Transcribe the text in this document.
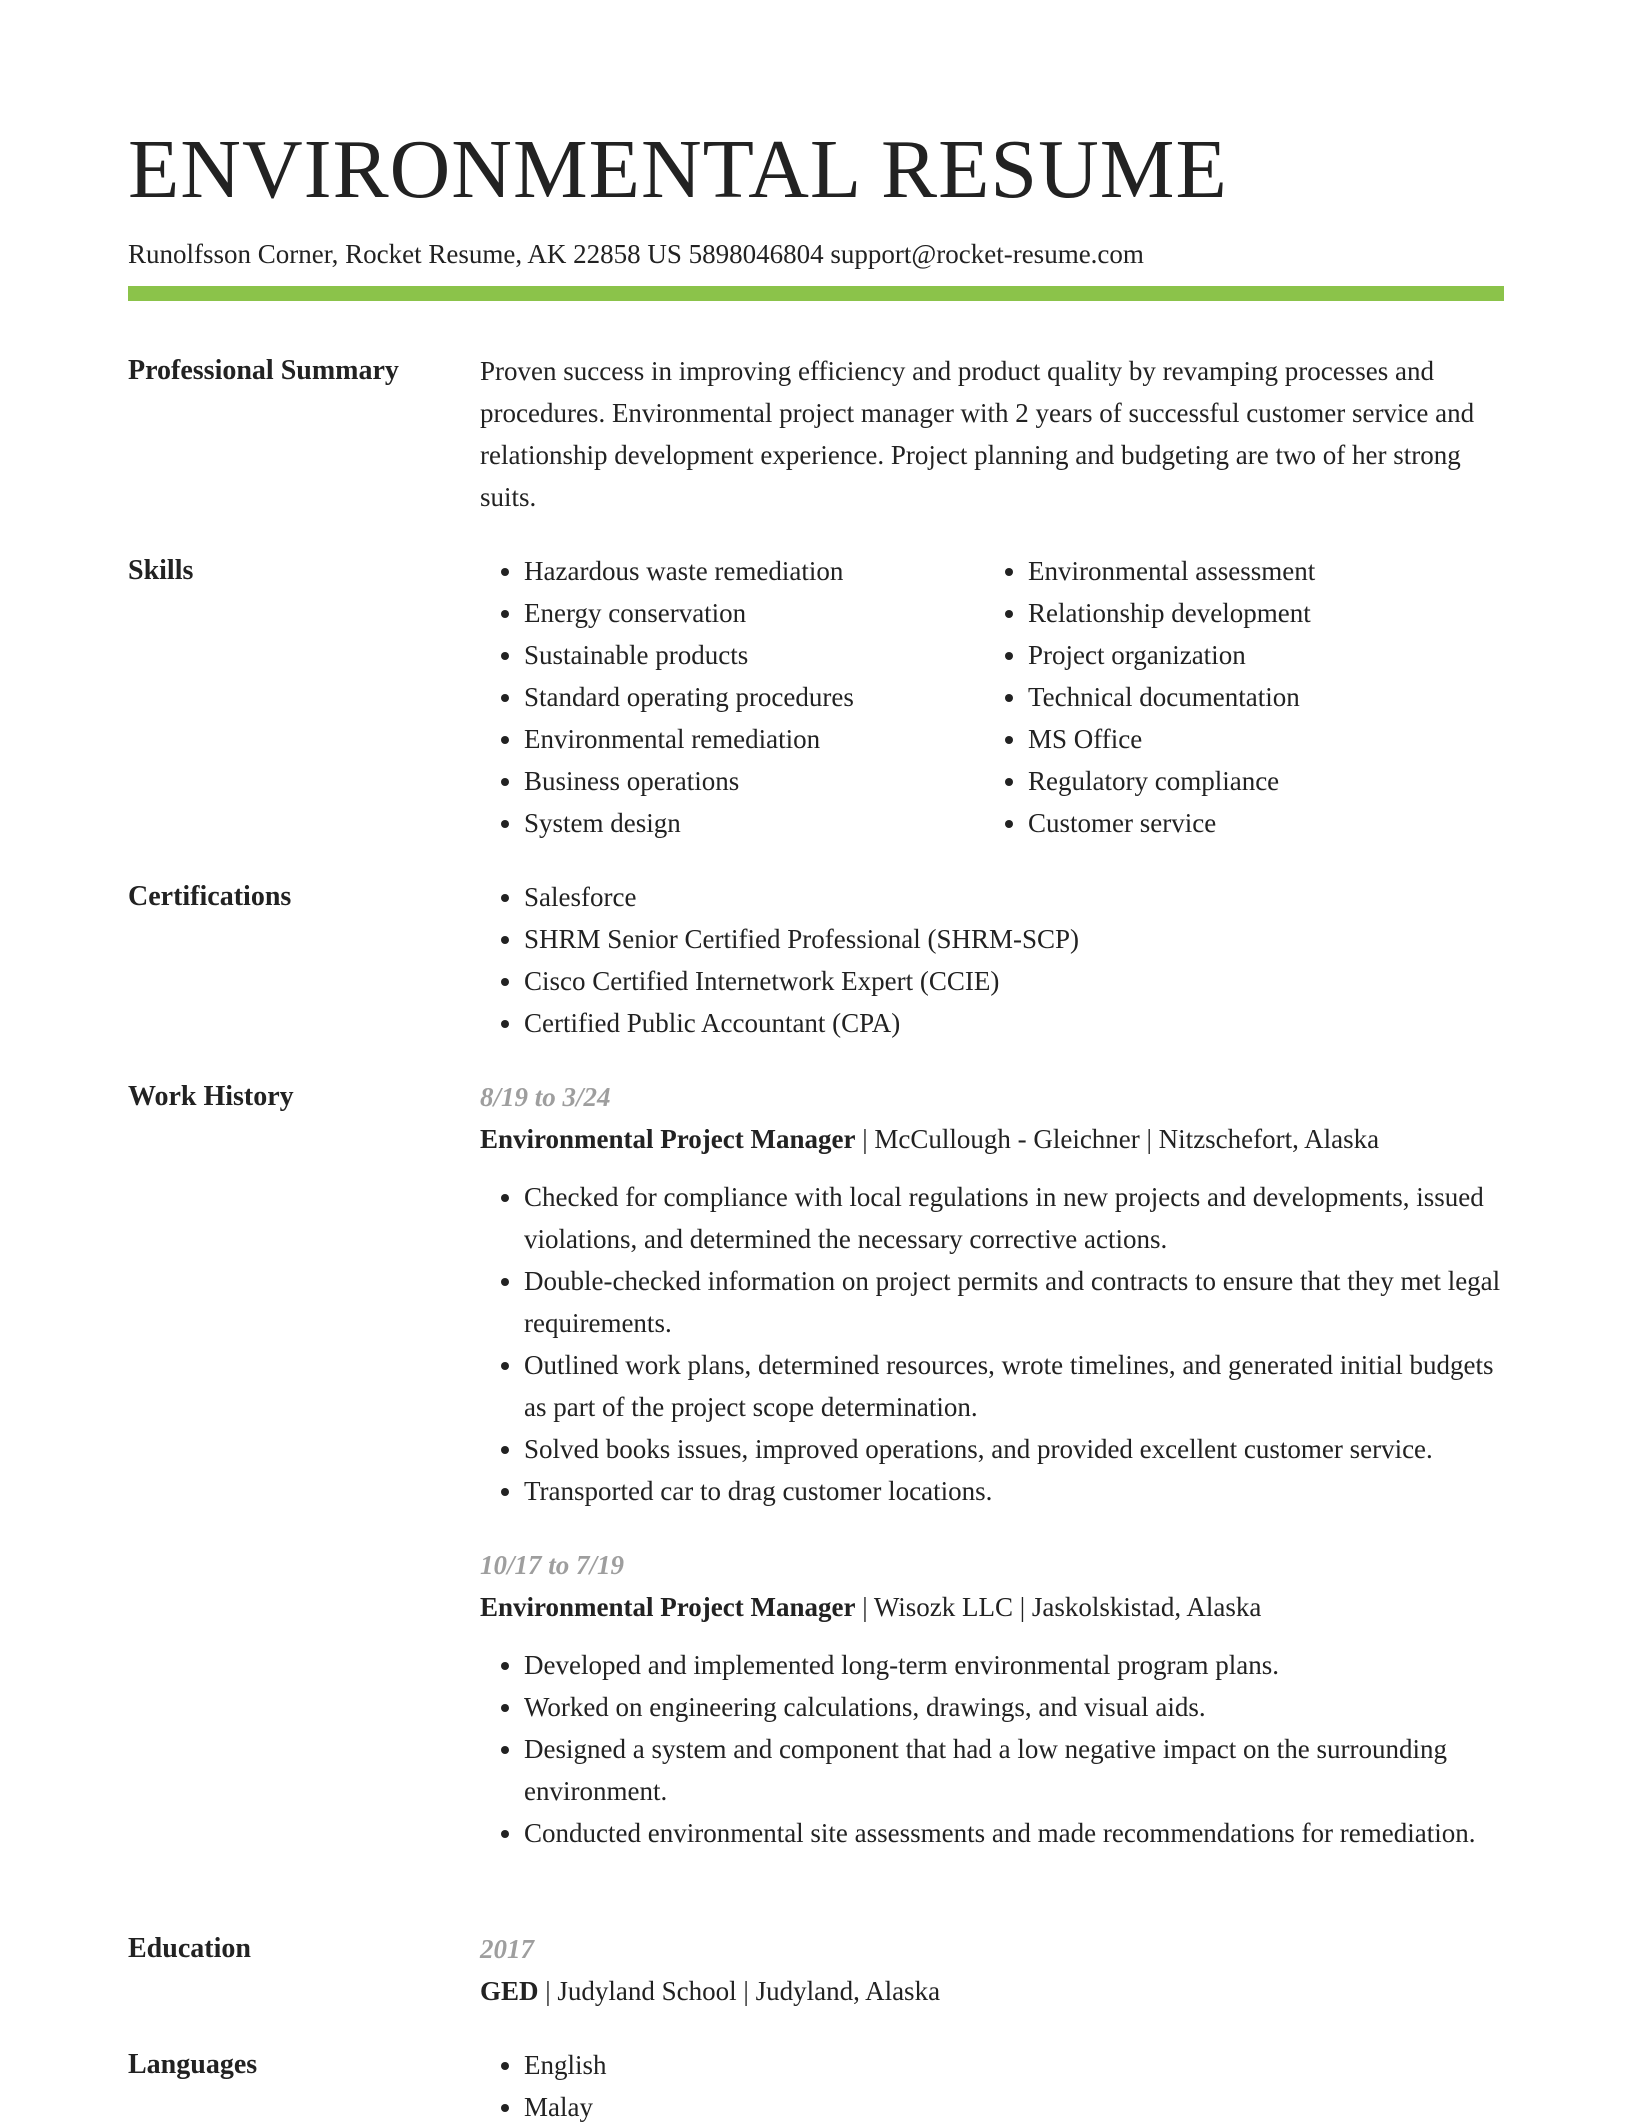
ENVIRONMENTAL RESUME
Runolfsson Corner, Rocket Resume, AK 22858 US 5898046804 support@rocket-resume.com
Professional Summary	Proven success in improving efficiency and product quality by revamping processes and procedures. Environmental project manager with 2 years of successful customer service and relationship development experience. Project planning and budgeting are two of her strong suits.

Skills	• Hazardous waste remediation
• Energy conservation
• Sustainable products
• Standard operating procedures
• Environmental remediation
• Business operations
• System design
• Environmental assessment
• Relationship development
• Project organization
• Technical documentation
• MS Office
• Regulatory compliance
• Customer service
Certifications	• Salesforce
• SHRM Senior Certified Professional (SHRM-SCP)
• Cisco Certified Internetwork Expert (CCIE)
• Certified Public Accountant (CPA)
Work History	8/19 to 3/24
Environmental Project Manager | McCullough - Gleichner | Nitzschefort, Alaska
• Checked for compliance with local regulations in new projects and developments, issued violations, and determined the necessary corrective actions.
• Double-checked information on project permits and contracts to ensure that they met legal requirements.
• Outlined work plans, determined resources, wrote timelines, and generated initial budgets as part of the project scope determination.
• Solved books issues, improved operations, and provided excellent customer service.
• Transported car to drag customer locations.
10/17 to 7/19
Environmental Project Manager | Wisozk LLC | Jaskolskistad, Alaska
• Developed and implemented long-term environmental program plans.
• Worked on engineering calculations, drawings, and visual aids.
• Designed a system and component that had a low negative impact on the surrounding environment.
• Conducted environmental site assessments and made recommendations for remediation.
Education	2017
GED | Judyland School | Judyland, Alaska
Languages	• English
• Malay
